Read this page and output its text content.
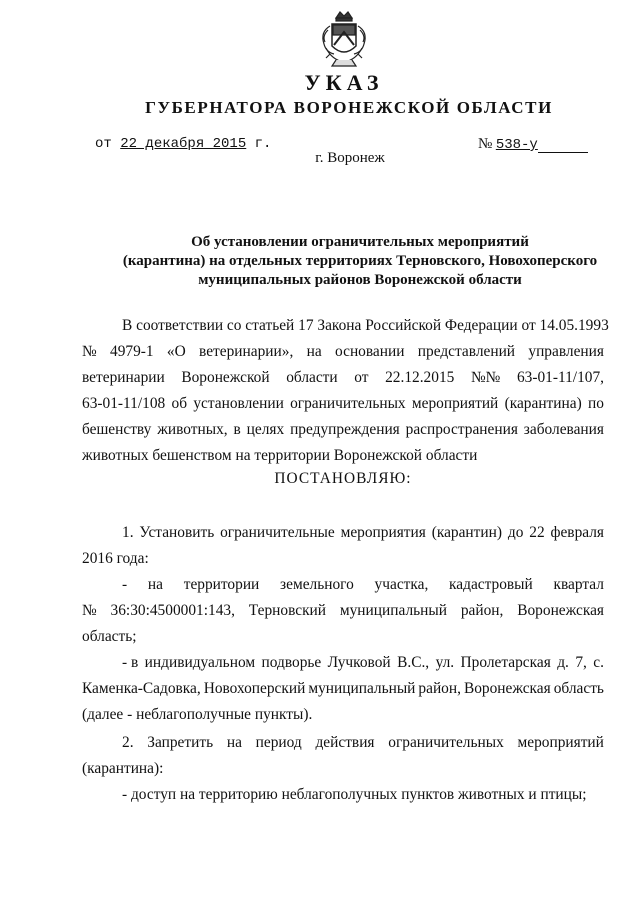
УКАЗ
ГУБЕРНАТОРА ВОРОНЕЖСКОЙ ОБЛАСТИ
от 22 декабря 2015 г.	№ 538-у
г. Воронеж
Об установлении ограничительных мероприятий
(карантина) на отдельных территориях Терновского, Новохоперского
муниципальных районов Воронежской области
В соответствии со статьей 17 Закона Российской Федерации от 14.05.1993
№ 4979-1 «О ветеринарии», на основании представлений управления
ветеринарии Воронежской области от 22.12.2015 №№ 63-01-11/107,
63-01-11/108 об установлении ограничительных мероприятий (карантина) по
бешенству животных, в целях предупреждения распространения заболевания
животных бешенством на территории Воронежской области
1. Установить ограничительные мероприятия (карантин) до 22 февраля
2016 года:
- на территории земельного участка, кадастровый квартал
№ 36:30:4500001:143, Терновский муниципальный район, Воронежская
область;
- в индивидуальном подворье Лучковой В.С., ул. Пролетарская д. 7, с.
Каменка-Садовка, Новохоперский муниципальный район, Воронежская область
(далее - неблагополучные пункты).
2. Запретить на период действия ограничительных мероприятий
(карантина):
- доступ на территорию неблагополучных пунктов животных и птицы;
ПОСТАНОВЛЯЮ:
